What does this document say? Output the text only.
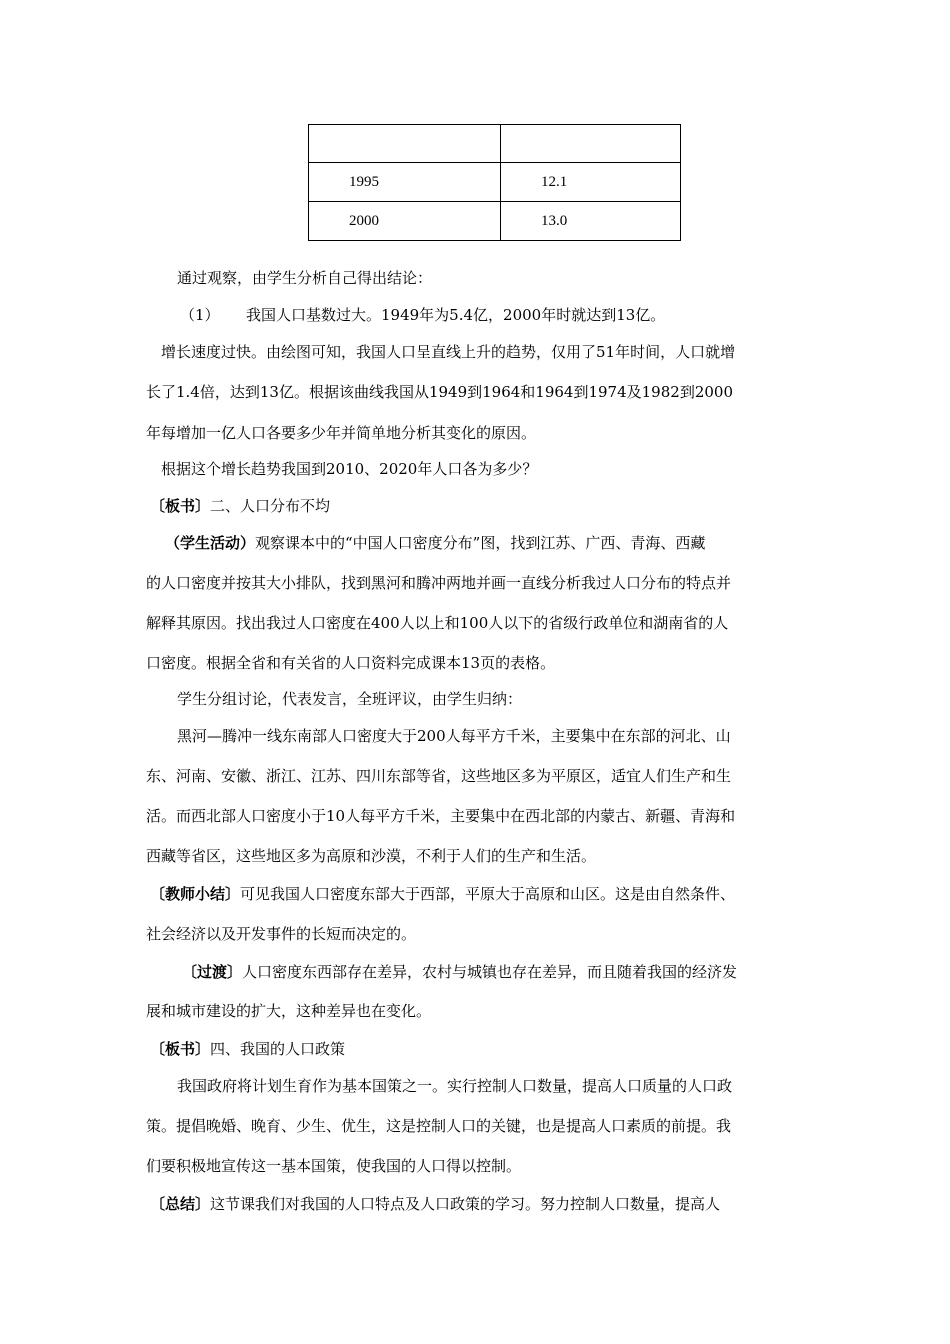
1995	12.1
2000	13.0
通过观察，由学生分析自己得出结论：
（1） 我国人口基数过大。1949年为5.4亿，2000年时就达到13亿。
增长速度过快。由绘图可知，我国人口呈直线上升的趋势，仅用了51年时间，人口就增
长了1.4倍，达到13亿。根据该曲线我国从1949到1964和1964到1974及1982到2000
年每增加一亿人口各要多少年并简单地分析其变化的原因。
根据这个增长趋势我国到2010、2020年人口各为多少？
〔板书〕二、人口分布不均
（学生活动）观察课本中的“中国人口密度分布”图，找到江苏、广西、青海、西藏
的人口密度并按其大小排队，找到黑河和腾冲两地并画一直线分析我过人口分布的特点并
解释其原因。找出我过人口密度在400人以上和100人以下的省级行政单位和湖南省的人
口密度。根据全省和有关省的人口资料完成课本13页的表格。
学生分组讨论，代表发言，全班评议，由学生归纳：
黑河—腾冲一线东南部人口密度大于200人每平方千米，主要集中在东部的河北、山
东、河南、安徽、浙江、江苏、四川东部等省，这些地区多为平原区，适宜人们生产和生
活。而西北部人口密度小于10人每平方千米，主要集中在西北部的内蒙古、新疆、青海和
西藏等省区，这些地区多为高原和沙漠，不利于人们的生产和生活。
〔教师小结〕可见我国人口密度东部大于西部，平原大于高原和山区。这是由自然条件、
社会经济以及开发事件的长短而决定的。
〔过渡〕人口密度东西部存在差异，农村与城镇也存在差异，而且随着我国的经济发
展和城市建设的扩大，这种差异也在变化。
〔板书〕四、我国的人口政策
我国政府将计划生育作为基本国策之一。实行控制人口数量，提高人口质量的人口政
策。提倡晚婚、晚育、少生、优生，这是控制人口的关键，也是提高人口素质的前提。我
们要积极地宣传这一基本国策，使我国的人口得以控制。
〔总结〕这节课我们对我国的人口特点及人口政策的学习。努力控制人口数量，提高人
